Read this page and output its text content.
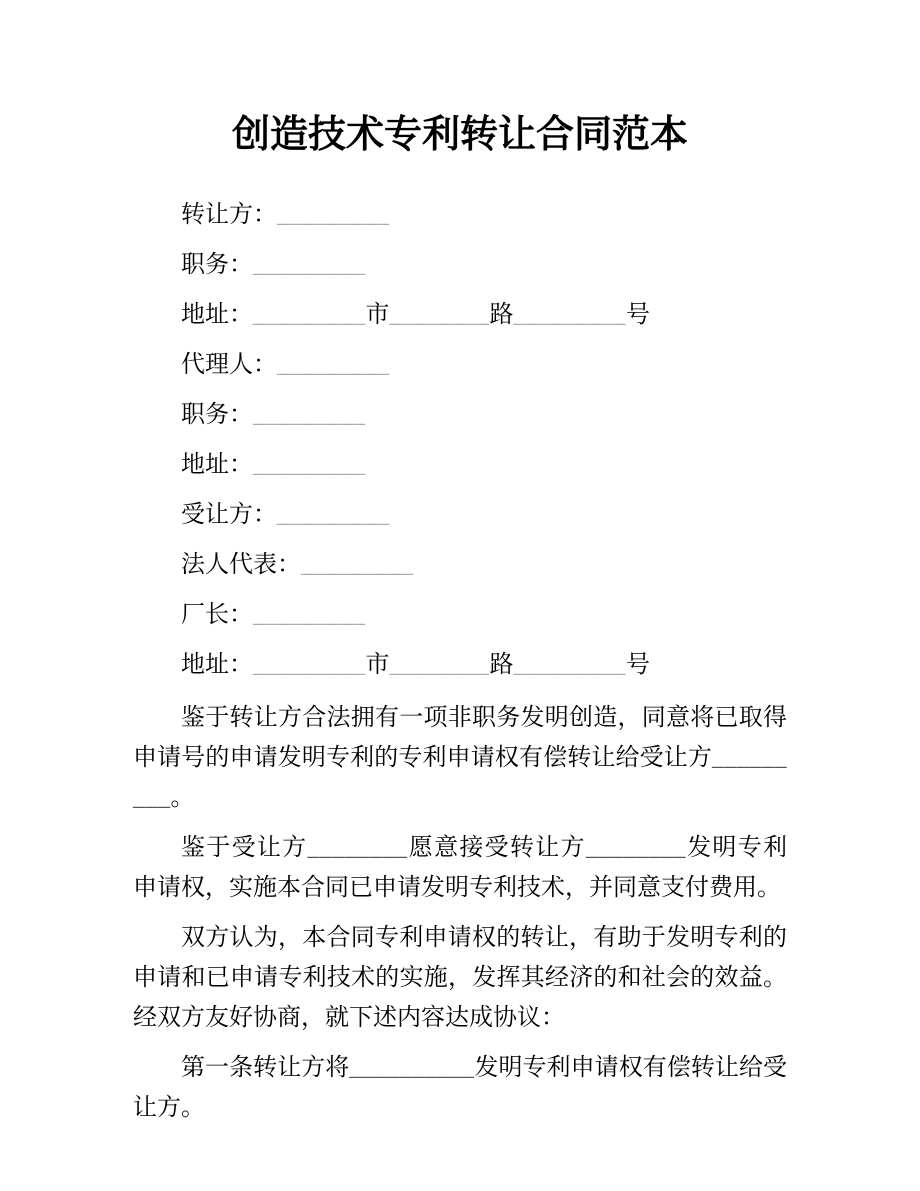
创造技术专利转让合同范本

转让方：_________

职务：_________

地址：_________市________路_________号

代理人：_________

职务：_________

地址：_________

受让方：_________

法人代表：_________

厂长：_________

地址：_________市________路_________号

鉴于转让方合法拥有一项非职务发明创造，同意将已取得申请号的申请发明专利的专利申请权有偿转让给受让方_________。

鉴于受让方________愿意接受转让方________发明专利申请权，实施本合同已申请发明专利技术，并同意支付费用。

双方认为，本合同专利申请权的转让，有助于发明专利的申请和已申请专利技术的实施，发挥其经济的和社会的效益。经双方友好协商，就下述内容达成协议：

第一条转让方将__________发明专利申请权有偿转让给受让方。
